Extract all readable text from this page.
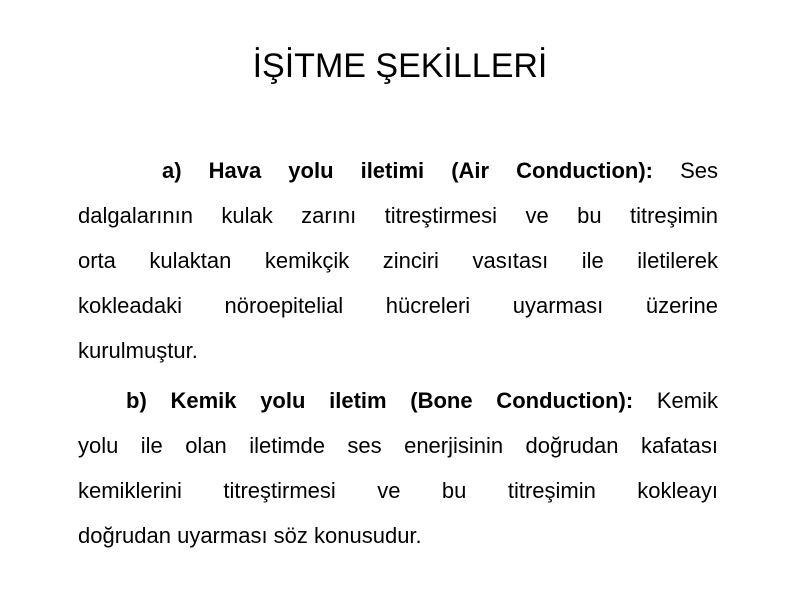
İŞİTME ŞEKİLLERİ
a) Hava yolu iletimi (Air Conduction): Ses
dalgalarının kulak zarını titreştirmesi ve bu titreşimin
orta kulaktan kemikçik zinciri vasıtası ile iletilerek
kokleadaki nöroepitelial hücreleri uyarması üzerine
kurulmuştur.
b) Kemik yolu iletim (Bone Conduction): Kemik
yolu ile olan iletimde ses enerjisinin doğrudan kafatası
kemiklerini titreştirmesi ve bu titreşimin kokleayı
doğrudan uyarması söz konusudur.
